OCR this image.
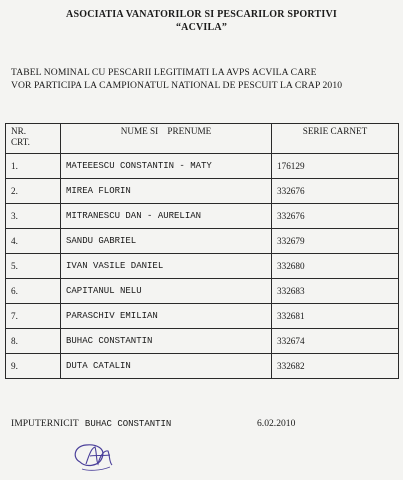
ASOCIATIA VANATORILOR SI PESCARILOR SPORTIVI
“ACVILA”
TABEL NOMINAL CU PESCARII LEGITIMATI LA AVPS ACVILA CARE
VOR PARTICIPA LA CAMPIONATUL NATIONAL DE PESCUIT LA CRAP 2010
NR.
CRT.	NUME SI    PRENUME	SERIE CARNET
1.	MATEEESCU CONSTANTIN - MATY	176129
2.	MIREA FLORIN	332676
3.	MITRANESCU DAN - AURELIAN	332676
4.	SANDU GABRIEL	332679
5.	IVAN VASILE DANIEL	332680
6.	CAPITANUL NELU	332683
7.	PARASCHIV EMILIAN	332681
8.	BUHAC CONSTANTIN	332674
9.	DUTA CATALIN	332682
IMPUTERNICIT BUHAC CONSTANTIN	6.02.2010
